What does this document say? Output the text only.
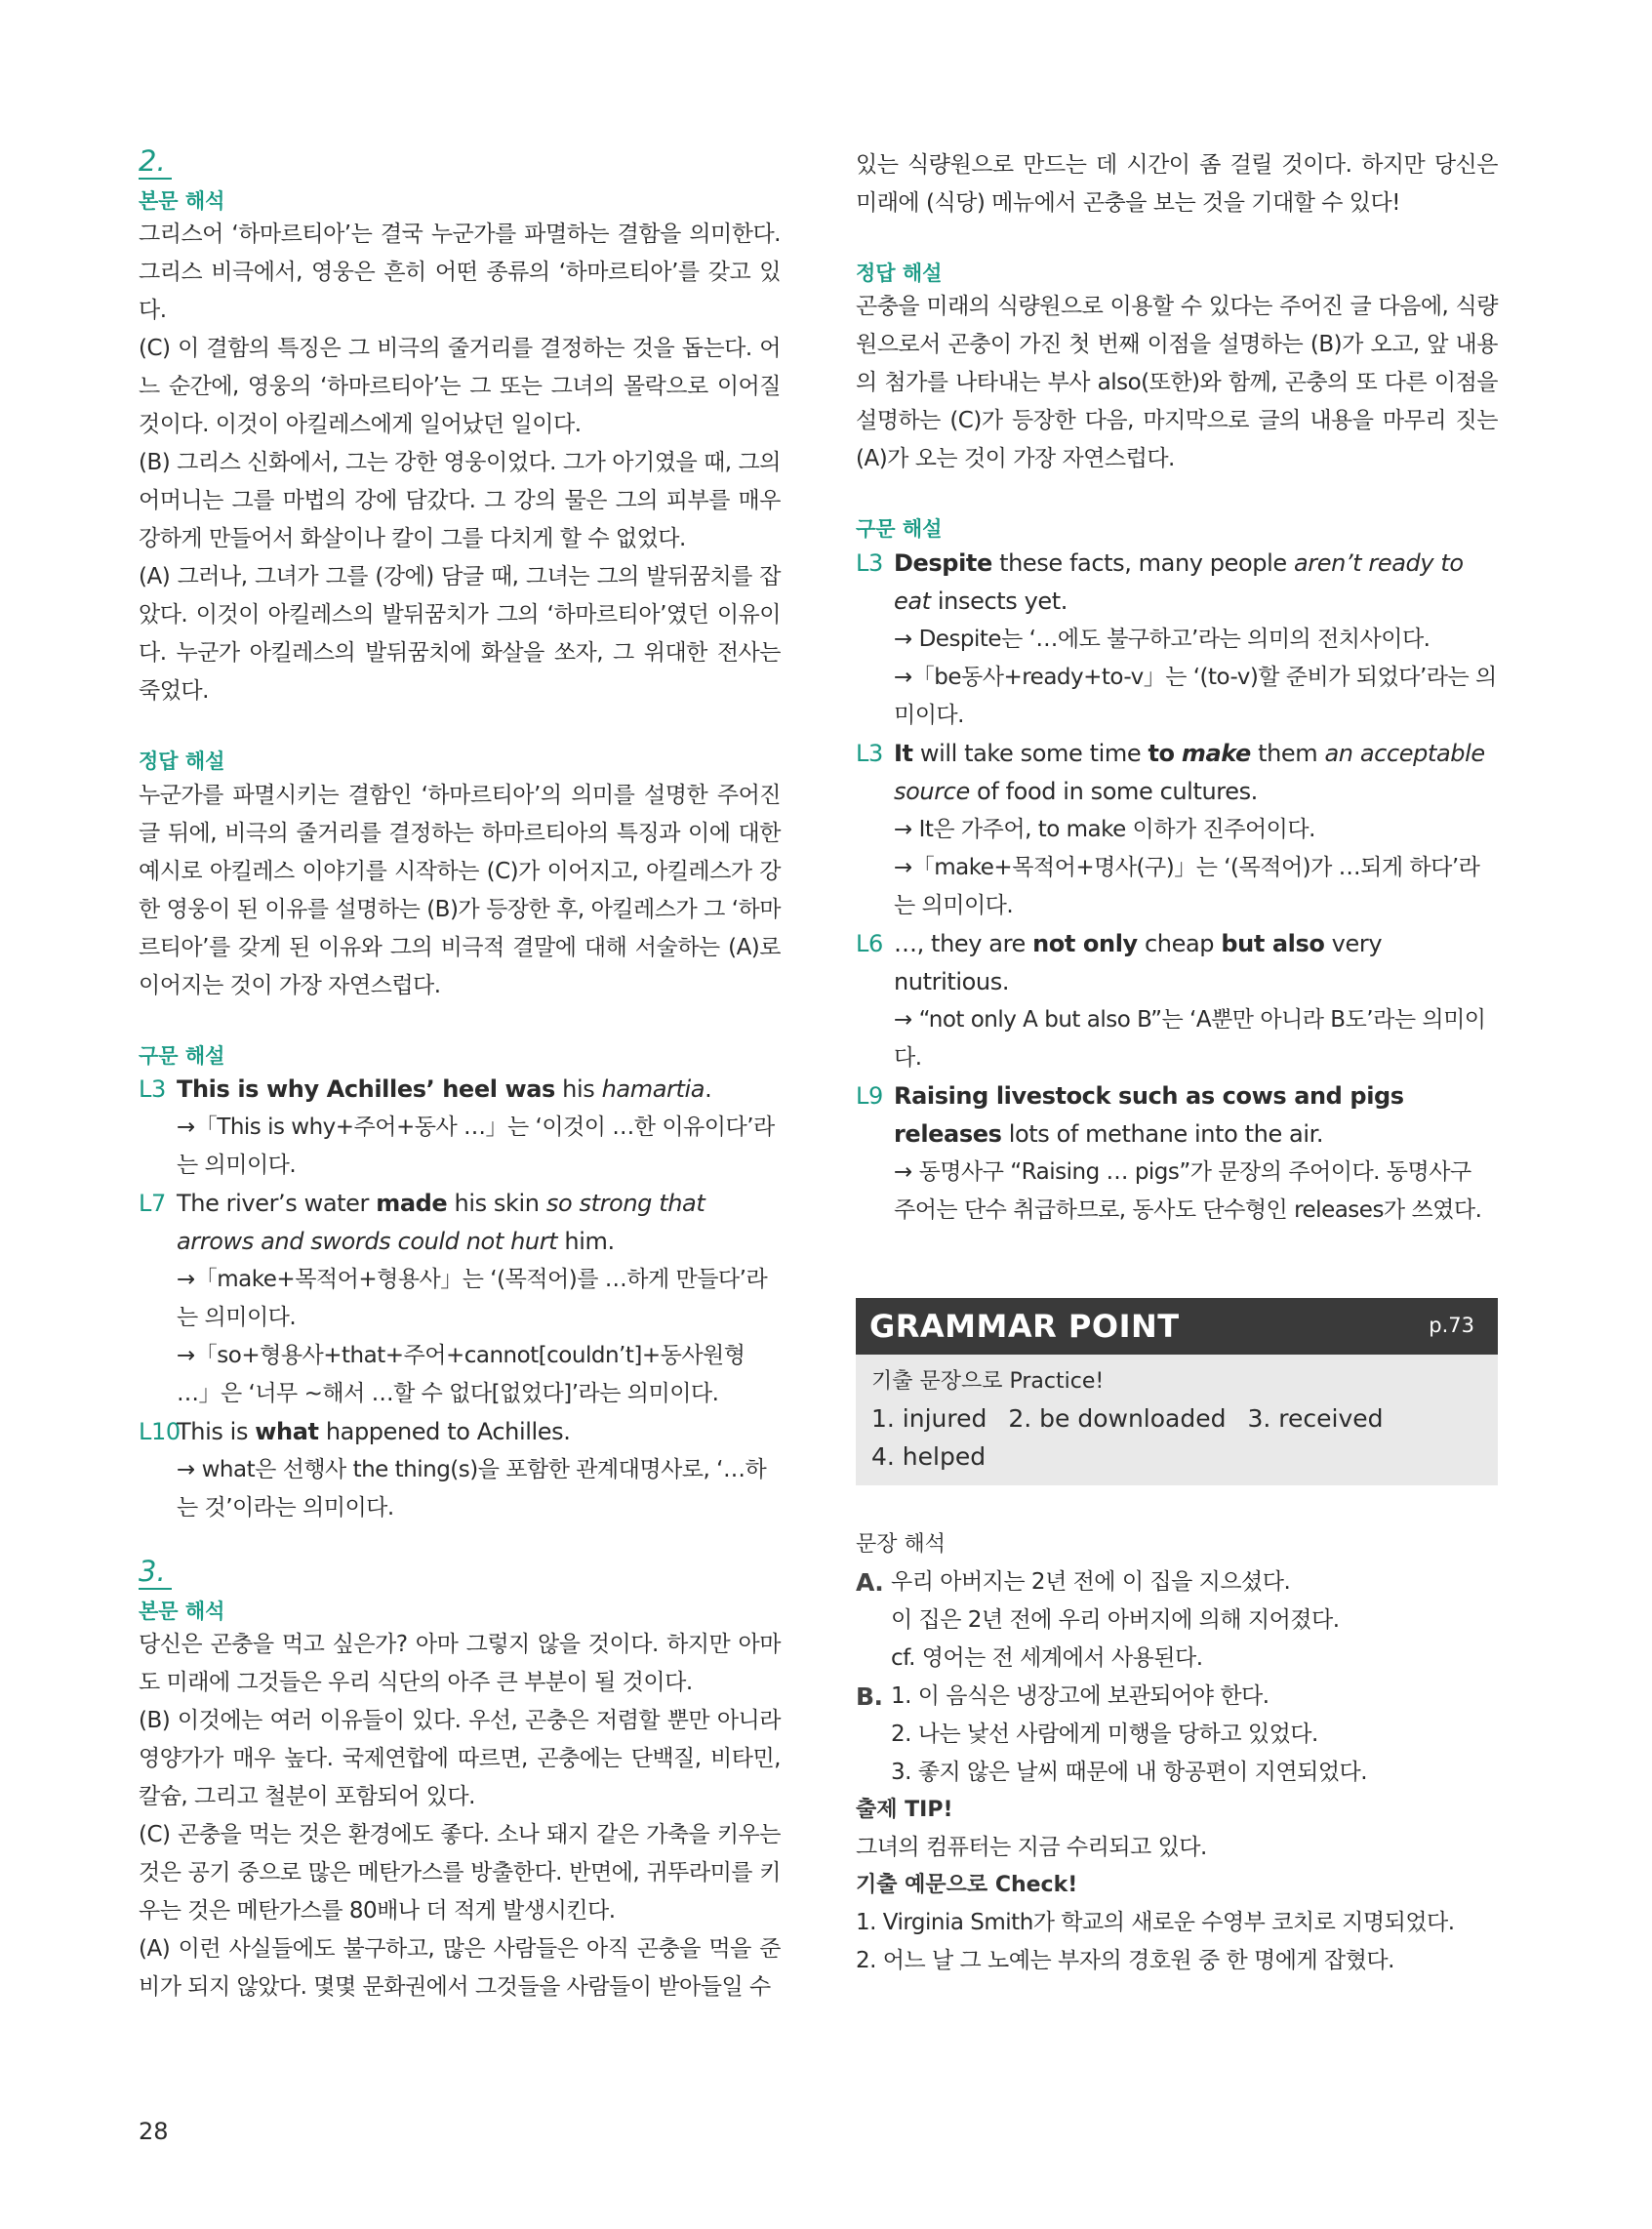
2.

본문 해석

그리스어 ‘하마르티아’는 결국 누군가를 파멸하는 결함을 의미한다. 그리스 비극에서, 영웅은 흔히 어떤 종류의 ‘하마르티아’를 갖고 있다.

(C) 이 결함의 특징은 그 비극의 줄거리를 결정하는 것을 돕는다. 어느 순간에, 영웅의 ‘하마르티아’는 그 또는 그녀의 몰락으로 이어질 것이다. 이것이 아킬레스에게 일어났던 일이다.

(B) 그리스 신화에서, 그는 강한 영웅이었다. 그가 아기였을 때, 그의 어머니는 그를 마법의 강에 담갔다. 그 강의 물은 그의 피부를 매우 강하게 만들어서 화살이나 칼이 그를 다치게 할 수 없었다.

(A) 그러나, 그녀가 그를 (강에) 담글 때, 그녀는 그의 발뒤꿈치를 잡았다. 이것이 아킬레스의 발뒤꿈치가 그의 ‘하마르티아’였던 이유이다. 누군가 아킬레스의 발뒤꿈치에 화살을 쏘자, 그 위대한 전사는 죽었다.

정답 해설

누군가를 파멸시키는 결함인 ‘하마르티아’의 의미를 설명한 주어진 글 뒤에, 비극의 줄거리를 결정하는 하마르티아의 특징과 이에 대한 예시로 아킬레스 이야기를 시작하는 (C)가 이어지고, 아킬레스가 강한 영웅이 된 이유를 설명하는 (B)가 등장한 후, 아킬레스가 그 ‘하마르티아’를 갖게 된 이유와 그의 비극적 결말에 대해 서술하는 (A)로 이어지는 것이 가장 자연스럽다.

구문 해설

L3 This is why Achilles’ heel was his hamartia.
→「This is why+주어+동사 …」는 ‘이것이 …한 이유이다’라는 의미이다.
L7 The river’s water made his skin so strong that arrows and swords could not hurt him.
→「make+목적어+형용사」는 ‘(목적어)를 …하게 만들다’라는 의미이다.
→「so+형용사+that+주어+cannot[couldn’t]+동사원형 …」은 ‘너무 ~해서 …할 수 없다[없었다]’라는 의미이다.
L10
This is what happened to Achilles.
→ what은 선행사 the thing(s)을 포함한 관계대명사로, ‘…하는 것’이라는 의미이다.

3.

본문 해석

당신은 곤충을 먹고 싶은가? 아마 그렇지 않을 것이다. 하지만 아마도 미래에 그것들은 우리 식단의 아주 큰 부분이 될 것이다.

(B) 이것에는 여러 이유들이 있다. 우선, 곤충은 저렴할 뿐만 아니라 영양가가 매우 높다. 국제연합에 따르면, 곤충에는 단백질, 비타민, 칼슘, 그리고 철분이 포함되어 있다.

(C) 곤충을 먹는 것은 환경에도 좋다. 소나 돼지 같은 가축을 키우는 것은 공기 중으로 많은 메탄가스를 방출한다. 반면에, 귀뚜라미를 키우는 것은 메탄가스를 80배나 더 적게 발생시킨다.

(A) 이런 사실들에도 불구하고, 많은 사람들은 아직 곤충을 먹을 준비가 되지 않았다. 몇몇 문화권에서 그것들을 사람들이 받아들일 수

있는 식량원으로 만드는 데 시간이 좀 걸릴 것이다. 하지만 당신은 미래에 (식당) 메뉴에서 곤충을 보는 것을 기대할 수 있다!

정답 해설

곤충을 미래의 식량원으로 이용할 수 있다는 주어진 글 다음에, 식량원으로서 곤충이 가진 첫 번째 이점을 설명하는 (B)가 오고, 앞 내용의 첨가를 나타내는 부사 also(또한)와 함께, 곤충의 또 다른 이점을 설명하는 (C)가 등장한 다음, 마지막으로 글의 내용을 마무리 짓는 (A)가 오는 것이 가장 자연스럽다.

구문 해설

L3 Despite these facts, many people aren’t ready to eat insects yet.
→ Despite는 ‘…에도 불구하고’라는 의미의 전치사이다.
→「be동사+ready+to-v」는 ‘(to-v)할 준비가 되었다’라는 의미이다.
L3 It will take some time to make them an acceptable source of food in some cultures.
→ It은 가주어, to make 이하가 진주어이다.
→「make+목적어+명사(구)」는 ‘(목적어)가 …되게 하다’라는 의미이다.
L6 …, they are not only cheap but also very nutritious.
→ “not only A but also B”는 ‘A뿐만 아니라 B도’라는 의미이다.
L9 Raising livestock such as cows and pigs releases lots of methane into the air.
→ 동명사구 “Raising … pigs”가 문장의 주어이다. 동명사구 주어는 단수 취급하므로, 동사도 단수형인 releases가 쓰였다.
GRAMMAR POINT	p.73
기출 문장으로 Practice!
1. injured 2. be downloaded 3. received
4. helped
문장 해석
A. 우리 아버지는 2년 전에 이 집을 지으셨다.
이 집은 2년 전에 우리 아버지에 의해 지어졌다.
cf. 영어는 전 세계에서 사용된다.
B. 1. 이 음식은 냉장고에 보관되어야 한다.
2. 나는 낯선 사람에게 미행을 당하고 있었다.
3. 좋지 않은 날씨 때문에 내 항공편이 지연되었다.
출제 TIP!
그녀의 컴퓨터는 지금 수리되고 있다.
기출 예문으로 Check!
1. Virginia Smith가 학교의 새로운 수영부 코치로 지명되었다.
2. 어느 날 그 노예는 부자의 경호원 중 한 명에게 잡혔다.
28
